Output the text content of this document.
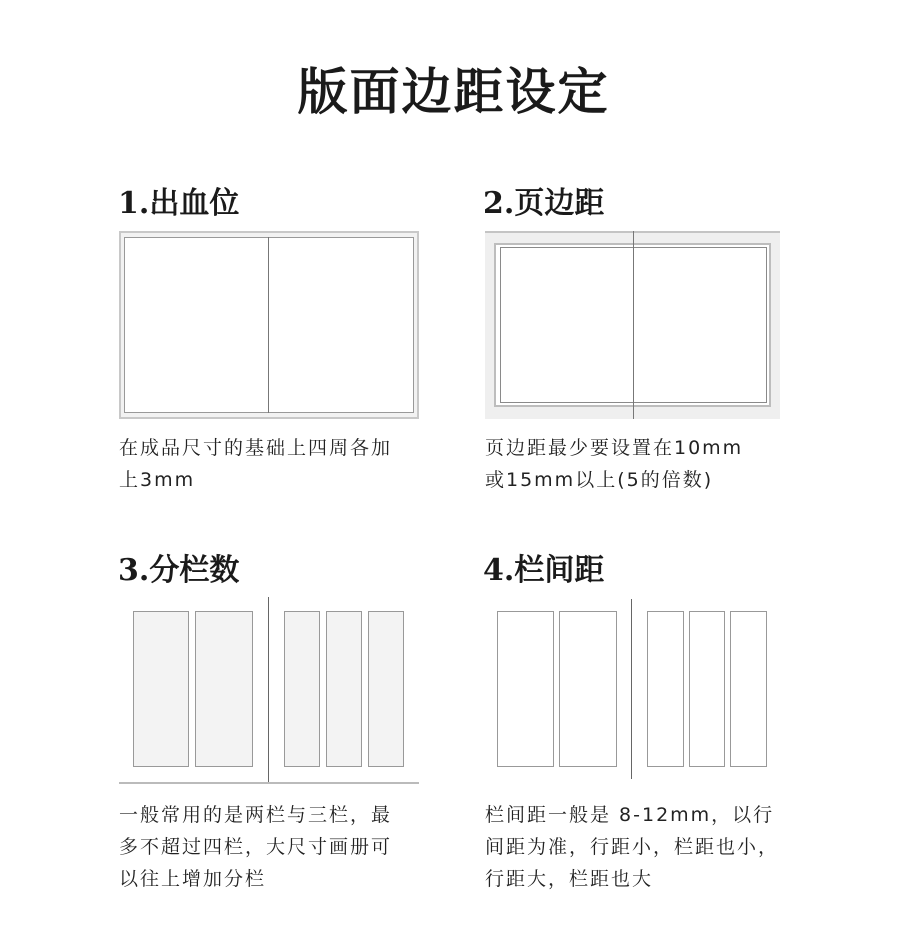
版面边距设定
1.出血位
在成品尺寸的基础上四周各加
上3mm
2.页边距
页边距最少要设置在10mm
或15mm以上(5的倍数)
3.分栏数
一般常用的是两栏与三栏，最
多不超过四栏，大尺寸画册可
以往上增加分栏
4.栏间距
栏间距一般是 8-12mm，以行
间距为准，行距小，栏距也小，
行距大，栏距也大
